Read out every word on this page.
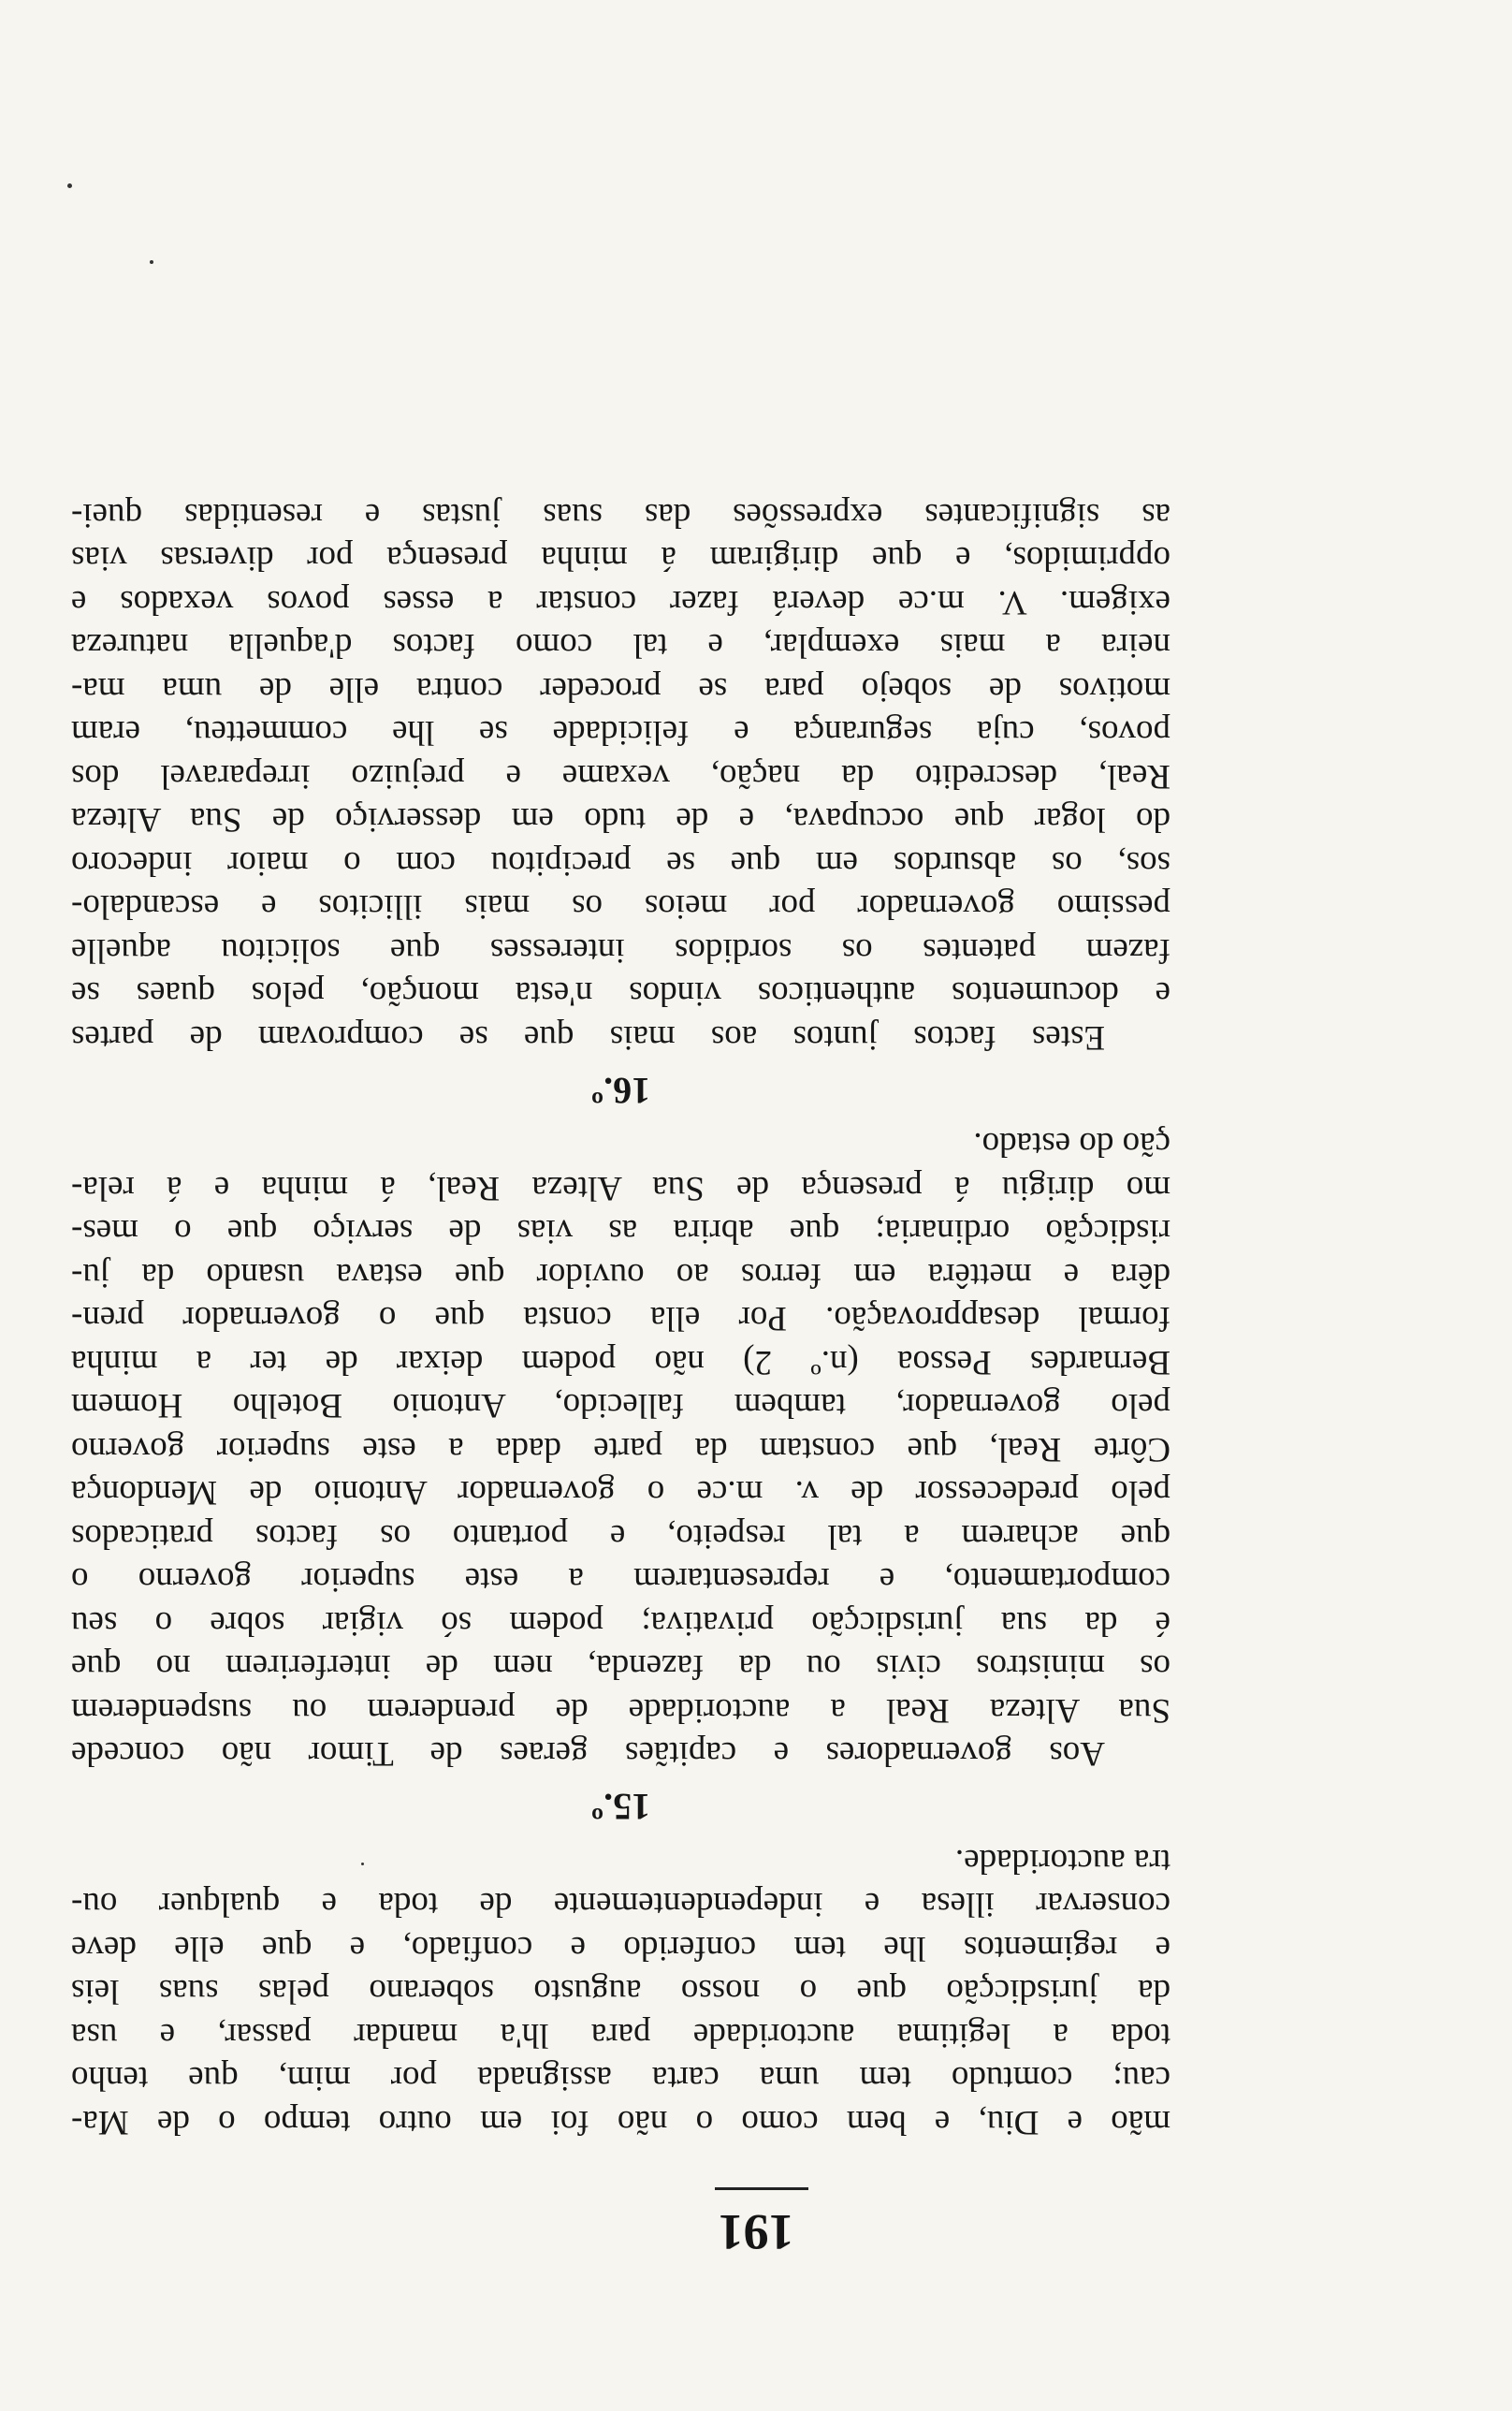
191

mão e Diu, e bem como o não foi em outro tempo o de Ma-
cau; comtudo tem uma carta assignada por mim, que tenho
toda a legitima auctoridade para lh'a mandar passar, e usa
da jurisdicção que o nosso augusto soberano pelas suas leis
e regimentos lhe tem conferido e confiado, e que elle deve
conservar illesa e independentemente de toda e qualquer ou-
tra auctoridade.

15.º

Aos governadores e capitães geraes de Timor não concede
Sua Alteza Real a auctoridade de prenderem ou suspenderem
os ministros civis ou da fazenda, nem de interferirem no que
é da sua jurisdicção privativa; podem só vigiar sobre o seu
comportamento, e representarem a este superior governo o
que acharem a tal respeito, e portanto os factos praticados
pelo predecessor de v. m.ce o governador Antonio de Mendonça
Côrte Real, que constam da parte dada a este superior governo
pelo governador, tambem fallecido, Antonio Botelho Homem
Bernardes Pessoa (n.º 2) não podem deixar de ter a minha
formal desapprovação. Por ella consta que o governador pren-
dêra e mettêra em ferros ao ouvidor que estava usando da ju-
risdicção ordinaria; que abrira as vias de serviço que o mes-
mo dirigiu á presença de Sua Alteza Real, á minha e á rela-
ção do estado.

16.º

Estes factos juntos aos mais que se comprovam de partes
e documentos authenticos vindos n'esta monção, pelos quaes se
fazem patentes os sordidos interesses que solicitou aquelle
pessimo governador por meios os mais illicitos e escandalo-
sos, os absurdos em que se precipitou com o maior indecoro
do logar que occupava, e de tudo em desserviço de Sua Alteza
Real, descredito da nação, vexame e prejuizo irreparavel dos
povos, cuja segurança e felicidade se lhe commetteu, eram
motivos de sobejo para se proceder contra elle de uma ma-
neira a mais exemplar, e tal como factos d'aquella natureza
exigem. V. m.ce deverá fazer constar a esses povos vexados e
opprimidos, e que dirigiram á minha presença por diversas vias
as significantes expressões das suas justas e resentidas quei-
